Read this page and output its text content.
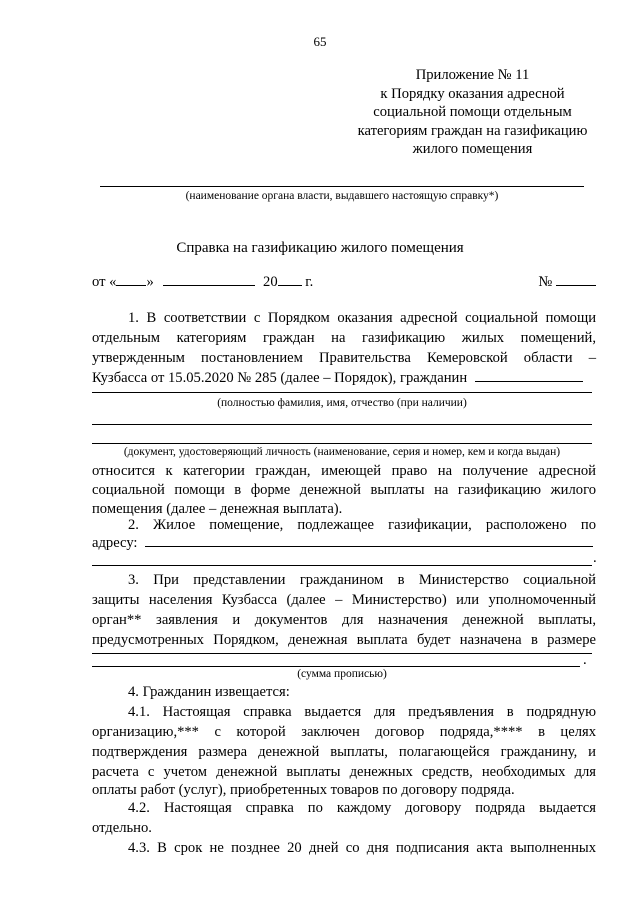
65
Приложение № 11
к Порядку оказания адресной
социальной помощи отдельным
категориям граждан на газификацию
жилого помещения
(наименование органа власти, выдавшего настоящую справку*)
Справка на газификацию жилого помещения
от « »	20 г.	№
1. В соответствии с Порядком оказания адресной социальной помощи
отдельным категориям граждан на газификацию жилых помещений,
утвержденным постановлением Правительства Кемеровской области –
Кузбасса от 15.05.2020 № 285 (далее – Порядок), гражданин
(полностью фамилия, имя, отчество (при наличии)
(документ, удостоверяющий личность (наименование, серия и номер, кем и когда выдан)
относится к категории граждан, имеющей право на получение адресной
социальной помощи в форме денежной выплаты на газификацию жилого
помещения (далее – денежная выплата).
2. Жилое помещение, подлежащее газификации, расположено по
адресу:
.
3. При представлении гражданином в Министерство социальной
защиты населения Кузбасса (далее – Министерство) или уполномоченный
орган** заявления и документов для назначения денежной выплаты,
предусмотренных Порядком, денежная выплата будет назначена в размере
.
(сумма прописью)
4. Гражданин извещается:
4.1. Настоящая справка выдается для предъявления в подрядную
организацию,*** с которой заключен договор подряда,**** в целях
подтверждения размера денежной выплаты, полагающейся гражданину, и
расчета с учетом денежной выплаты денежных средств, необходимых для
оплаты работ (услуг), приобретенных товаров по договору подряда.
4.2. Настоящая справка по каждому договору подряда выдается
отдельно.
4.3. В срок не позднее 20 дней со дня подписания акта выполненных
